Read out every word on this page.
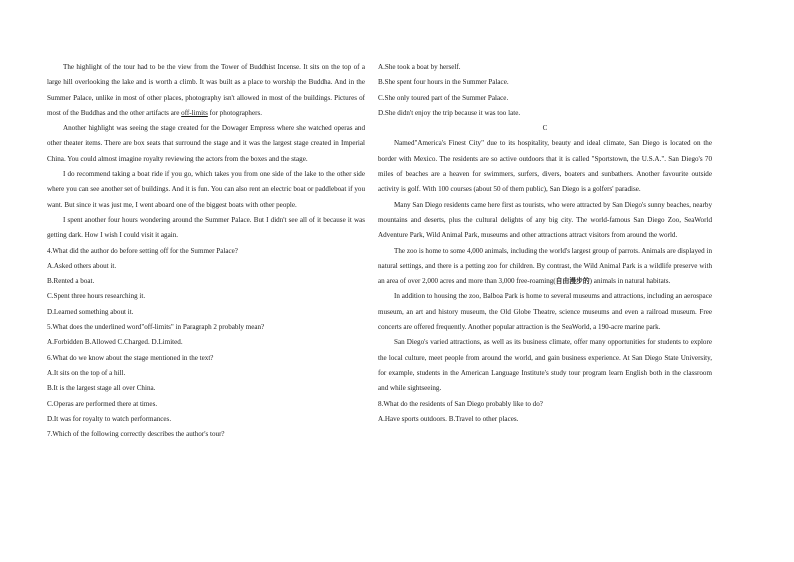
The highlight of the tour had to be the view from the Tower of Buddhist Incense. It sits on the top of a large hill overlooking the lake and is worth a climb. It was built as a place to worship the Buddha. And in the Summer Palace, unlike in most of other places, photography isn't allowed in most of the buildings. Pictures of most of the Buddhas and the other artifacts are off-limits for photographers.

Another highlight was seeing the stage created for the Dowager Empress where she watched operas and other theater items. There are box seats that surround the stage and it was the largest stage created in Imperial China. You could almost imagine royalty reviewing the actors from the boxes and the stage.

I do recommend taking a boat ride if you go, which takes you from one side of the lake to the other side where you can see another set of buildings. And it is fun. You can also rent an electric boat or paddleboat if you want. But since it was just me, I went aboard one of the biggest boats with other people.

I spent another four hours wondering around the Summer Palace. But I didn't see all of it because it was getting dark. How I wish I could visit it again.

4.What did the author do before setting off for the Summer Palace?

A.Asked others about it.

B.Rented a boat.

C.Spent three hours researching it.

D.Learned something about it.

5.What does the underlined word"off-limits" in Paragraph 2 probably mean?

A.Forbidden B.Allowed C.Charged. D.Limited.

6.What do we know about the stage mentioned in the text?

A.It sits on the top of a hill.

B.It is the largest stage all over China.

C.Operas are performed there at times.

D.It was for royalty to watch performances.

7.Which of the following correctly describes the author's tour?

A.She took a boat by herself.

B.She spent four hours in the Summer Palace.

C.She only toured part of the Summer Palace.

D.She didn't enjoy the trip because it was too late.

C

Named"America's Finest City" due to its hospitality, beauty and ideal climate, San Diego is located on the border with Mexico. The residents are so active outdoors that it is called "Sportstown, the U.S.A.". San Diego's 70 miles of beaches are a heaven for swimmers, surfers, divers, boaters and sunbathers. Another favourite outside activity is golf. With 100 courses (about 50 of them public), San Diego is a golfers' paradise.

Many San Diego residents came here first as tourists, who were attracted by San Diego's sunny beaches, nearby mountains and deserts, plus the cultural delights of any big city. The world-famous San Diego Zoo, SeaWorld Adventure Park, Wild Animal Park, museums and other attractions attract visitors from around the world.

The zoo is home to some 4,000 animals, including the world's largest group of parrots. Animals are displayed in natural settings, and there is a petting zoo for children. By contrast, the Wild Animal Park is a wildlife preserve with an area of over 2,000 acres and more than 3,000 free-roaming(自由漫步的) animals in natural habitats.

In addition to housing the zoo, Balboa Park is home to several museums and attractions, including an aerospace museum, an art and history museum, the Old Globe Theatre, science museums and even a railroad museum. Free concerts are offered frequently. Another popular attraction is the SeaWorld, a 190-acre marine park.

San Diego's varied attractions, as well as its business climate, offer many opportunities for students to explore the local culture, meet people from around the world, and gain business experience. At San Diego State University, for example, students in the American Language Institute's study tour program learn English both in the classroom and while sightseeing.

8.What do the residents of San Diego probably like to do?

A.Have sports outdoors. B.Travel to other places.
